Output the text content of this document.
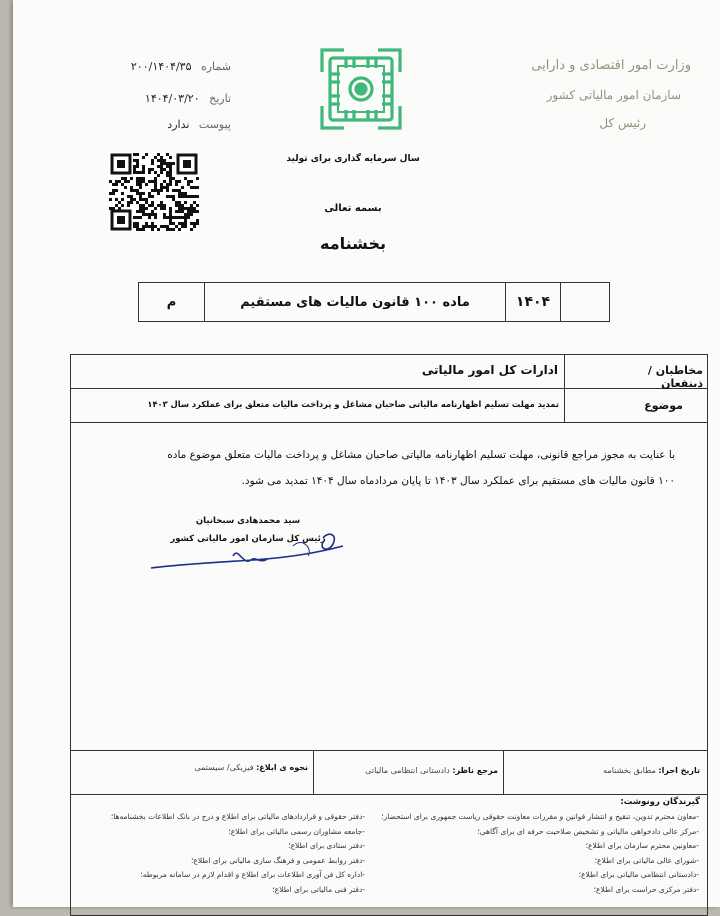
شماره ۲۰۰/۱۴۰۴/۳۵
تاریخ ۱۴۰۴/۰۳/۲۰
پیوست ندارد
وزارت امور اقتصادی و دارایی
سازمان امور مالیاتی کشور
رئیس کل
سال سرمایه گذاری برای تولید
بسمه تعالی
بخشنامه
۱۴۰۴
ماده ۱۰۰ قانون مالیات های مستقیم
م
مخاطبان / ذینفعان
ادارات کل امور مالیاتی
موضوع
تمدید مهلت تسلیم اظهارنامه مالیاتی صاحبان مشاغل و پرداخت مالیات متعلق برای عملکرد سال ۱۴۰۳
با عنایت به مجوز مراجع قانونی، مهلت تسلیم اظهارنامه مالیاتی صاحبان مشاغل و پرداخت مالیات متعلق موضوع ماده
۱۰۰ قانون مالیات های مستقیم برای عملکرد سال ۱۴۰۳ تا پایان مردادماه سال ۱۴۰۴ تمدید می شود.
سید محمدهادی سبحانیان
رئیس کل سازمان امور مالیاتی کشور
تاریخ اجرا: مطابق بخشنامه
مرجع ناظر: دادستانی انتظامی مالیاتی
نحوه ی ابلاغ: فیزیکی/ سیستمی
گیرندگان رونوشت:
-معاون محترم تدوین، تنقیح و انتشار قوانین و مقررات معاونت حقوقی ریاست جمهوری برای استحضار؛
-مرکز عالی دادخواهی مالیاتی و تشخیص صلاحیت حرفه ای برای آگاهی؛
-معاونین محترم سازمان برای اطلاع؛
-شورای عالی مالیاتی برای اطلاع؛
-دادستانی انتظامی مالیاتی برای اطلاع؛
-دفتر مرکزی حراست برای اطلاع؛
-دفتر حقوقی و قراردادهای مالیاتی برای اطلاع و درج در بانک اطلاعات بخشنامه‌ها؛
-جامعه مشاوران رسمی مالیاتی برای اطلاع؛
-دفتر ستادی برای اطلاع؛
-دفتر روابط عمومی و فرهنگ سازی مالیاتی برای اطلاع؛
-اداره کل فن آوری اطلاعات برای اطلاع و اقدام لازم در سامانه مربوطه؛
-دفتر فنی مالیاتی برای اطلاع؛
